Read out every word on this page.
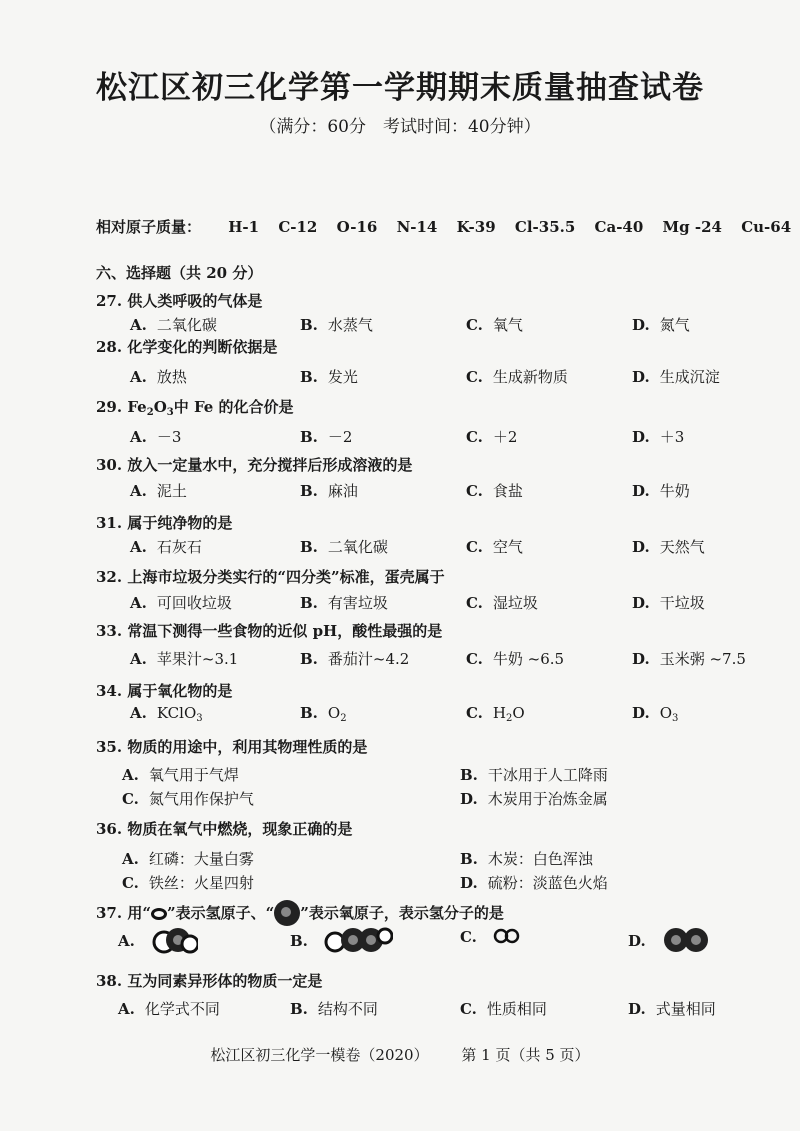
松江区初三化学第一学期期末质量抽查试卷
（满分：60分　考试时间：40分钟）
相对原子质量： H-1 C-12 O-16 N-14 K-39 Cl-35.5 Ca-40 Mg -24 Cu-64
六、选择题（共 20 分）
27. 供人类呼吸的气体是
A. 二氧化碳	B. 水蒸气	C. 氧气	D. 氮气
28. 化学变化的判断依据是
A. 放热	B. 发光	C. 生成新物质	D. 生成沉淀
29. $Fe_2O_3$中 Fe 的化合价是
A. －3	B. －2	C. ＋2	D. ＋3
30. 放入一定量水中，充分搅拌后形成溶液的是
A. 泥土	B. 麻油	C. 食盐	D. 牛奶
31. 属于纯净物的是
A. 石灰石	B. 二氧化碳	C. 空气	D. 天然气
32. 上海市垃圾分类实行的“四分类”标准，蛋壳属于
A. 可回收垃圾	B. 有害垃圾	C. 湿垃圾	D. 干垃圾
33. 常温下测得一些食物的近似 pH，酸性最强的是
A. 苹果汁~3.1	B. 番茄汁~4.2	C. 牛奶 ~6.5	D. 玉米粥 ~7.5
34. 属于氧化物的是
A. KClO$_3$	B. $O_2$	C. $H_2O$	D. $O_3$
35. 物质的用途中，利用其物理性质的是
A. 氧气用于气焊	B. 干冰用于人工降雨
C. 氮气用作保护气	D. 木炭用于冶炼金属
36. 物质在氧气中燃烧，现象正确的是
A. 红磷：大量白雾	B. 木炭：白色浑浊
C. 铁丝：火星四射	D. 硫粉：淡蓝色火焰
37. 用“ ”表示氢原子、“ ”表示氧原子，表示氢分子的是
A.	B.	C.	D.
38. 互为同素异形体的物质一定是
A. 化学式不同	B. 结构不同	C. 性质相同	D. 式量相同
松江区初三化学一模卷（2020） 第 1 页（共 5 页）
